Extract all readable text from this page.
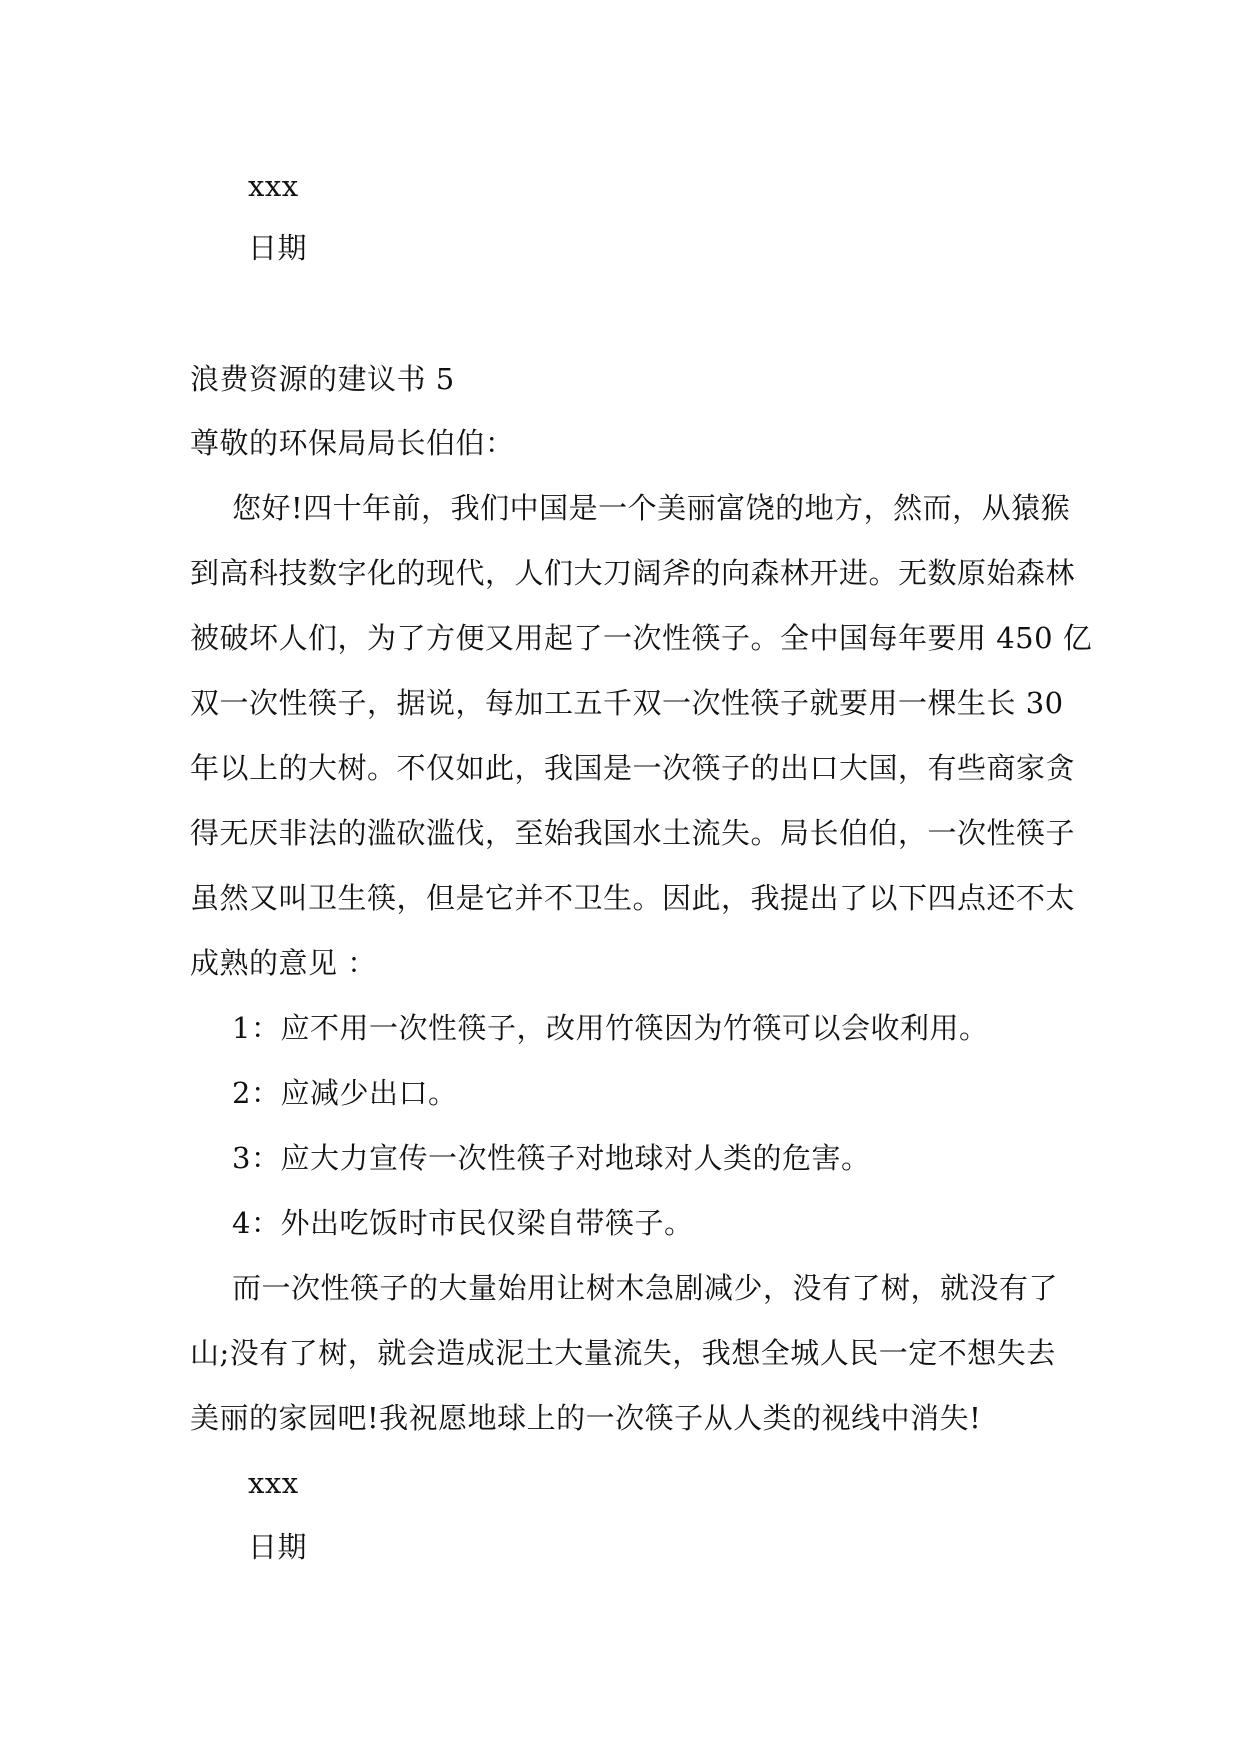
xxx
日期
浪费资源的建议书 5
尊敬的环保局局长伯伯：
您好!四十年前，我们中国是一个美丽富饶的地方，然而，从猿猴
到高科技数字化的现代，人们大刀阔斧的向森林开进。无数原始森林
被破坏人们，为了方便又用起了一次性筷子。全中国每年要用 450 亿
双一次性筷子，据说，每加工五千双一次性筷子就要用一棵生长 30
年以上的大树。不仅如此，我国是一次筷子的出口大国，有些商家贪
得无厌非法的滥砍滥伐，至始我国水土流失。局长伯伯，一次性筷子
虽然又叫卫生筷，但是它并不卫生。因此，我提出了以下四点还不太
成熟的意见 ：
1：应不用一次性筷子，改用竹筷因为竹筷可以会收利用。
2：应减少出口。
3：应大力宣传一次性筷子对地球对人类的危害。
4：外出吃饭时市民仅梁自带筷子。
而一次性筷子的大量始用让树木急剧减少，没有了树，就没有了
山;没有了树，就会造成泥土大量流失，我想全城人民一定不想失去
美丽的家园吧!我祝愿地球上的一次筷子从人类的视线中消失!
xxx
日期
